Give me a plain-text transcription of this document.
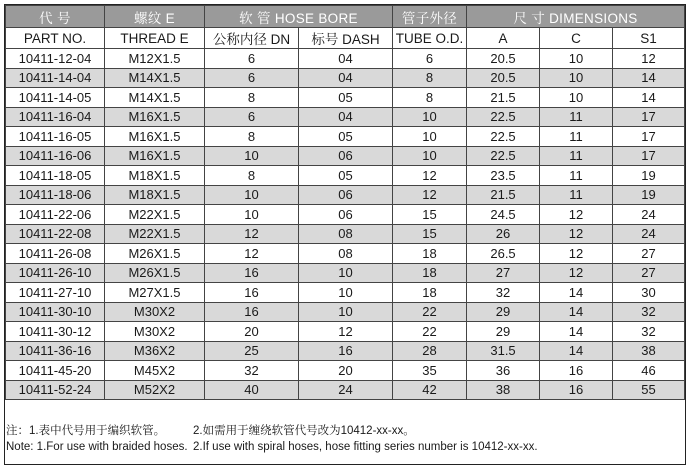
代 号	螺纹 E	软 管 HOSE BORE		管子外径	尺 寸 DIMENSIONS		
PART NO.	THREAD E	公称内径 DN	标号 DASH	TUBE O.D.	A	C	S1
10411-12-04	M12X1.5	6	04	6	20.5	10	12
10411-14-04	M14X1.5	6	04	8	20.5	10	14
10411-14-05	M14X1.5	8	05	8	21.5	10	14
10411-16-04	M16X1.5	6	04	10	22.5	11	17
10411-16-05	M16X1.5	8	05	10	22.5	11	17
10411-16-06	M16X1.5	10	06	10	22.5	11	17
10411-18-05	M18X1.5	8	05	12	23.5	11	19
10411-18-06	M18X1.5	10	06	12	21.5	11	19
10411-22-06	M22X1.5	10	06	15	24.5	12	24
10411-22-08	M22X1.5	12	08	15	26	12	24
10411-26-08	M26X1.5	12	08	18	26.5	12	27
10411-26-10	M26X1.5	16	10	18	27	12	27
10411-27-10	M27X1.5	16	10	18	32	14	30
10411-30-10	M30X2	16	10	22	29	14	32
10411-30-12	M30X2	20	12	22	29	14	32
10411-36-16	M36X2	25	16	28	31.5	14	38
10411-45-20	M45X2	32	20	35	36	16	46
10411-52-24	M52X2	40	24	42	38	16	55
注：1.表中代号用于编织软管。	2.如需用于缠绕软管代号改为10412-xx-xx。
Note: 1.For use with braided hoses. 2.If use with spiral hoses, hose fitting series number is 10412-xx-xx.
